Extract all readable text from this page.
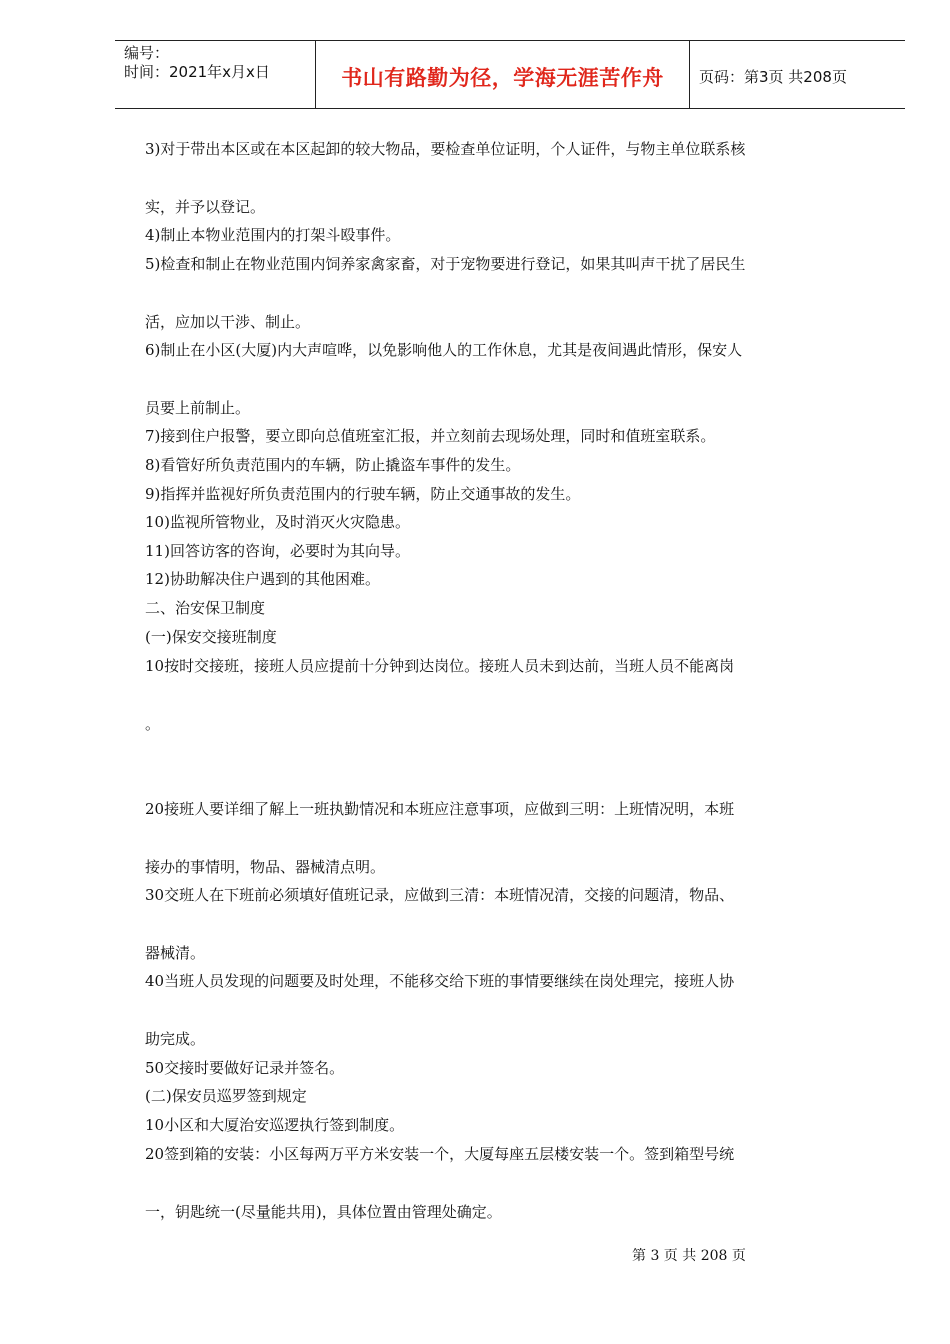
编号：
时间：2021年x月x日	书山有路勤为径，学海无涯苦作舟	页码：第3页 共208页
3)对于带出本区或在本区起卸的较大物品，要检查单位证明，个人证件，与物主单位联系核
实，并予以登记。
4)制止本物业范围内的打架斗殴事件。
5)检查和制止在物业范围内饲养家禽家畜，对于宠物要进行登记，如果其叫声干扰了居民生
活，应加以干涉、制止。
6)制止在小区(大厦)内大声喧哗，以免影响他人的工作休息，尤其是夜间遇此情形，保安人
员要上前制止。
7)接到住户报警，要立即向总值班室汇报，并立刻前去现场处理，同时和值班室联系。
8)看管好所负责范围内的车辆，防止撬盗车事件的发生。
9)指挥并监视好所负责范围内的行驶车辆，防止交通事故的发生。
10)监视所管物业，及时消灭火灾隐患。
11)回答访客的咨询，必要时为其向导。
12)协助解决住户遇到的其他困难。
二、治安保卫制度
(一)保安交接班制度
10按时交接班，接班人员应提前十分钟到达岗位。接班人员未到达前，当班人员不能离岗
。
20接班人要详细了解上一班执勤情况和本班应注意事项，应做到三明：上班情况明，本班
接办的事情明，物品、器械清点明。
30交班人在下班前必须填好值班记录，应做到三清：本班情况清，交接的问题清，物品、
器械清。
40当班人员发现的问题要及时处理，不能移交给下班的事情要继续在岗处理完，接班人协
助完成。
50交接时要做好记录并签名。
(二)保安员巡罗签到规定
10小区和大厦治安巡逻执行签到制度。
20签到箱的安装：小区每两万平方米安装一个，大厦每座五层楼安装一个。签到箱型号统
一，钥匙统一(尽量能共用)，具体位置由管理处确定。
第 3 页 共 208 页
